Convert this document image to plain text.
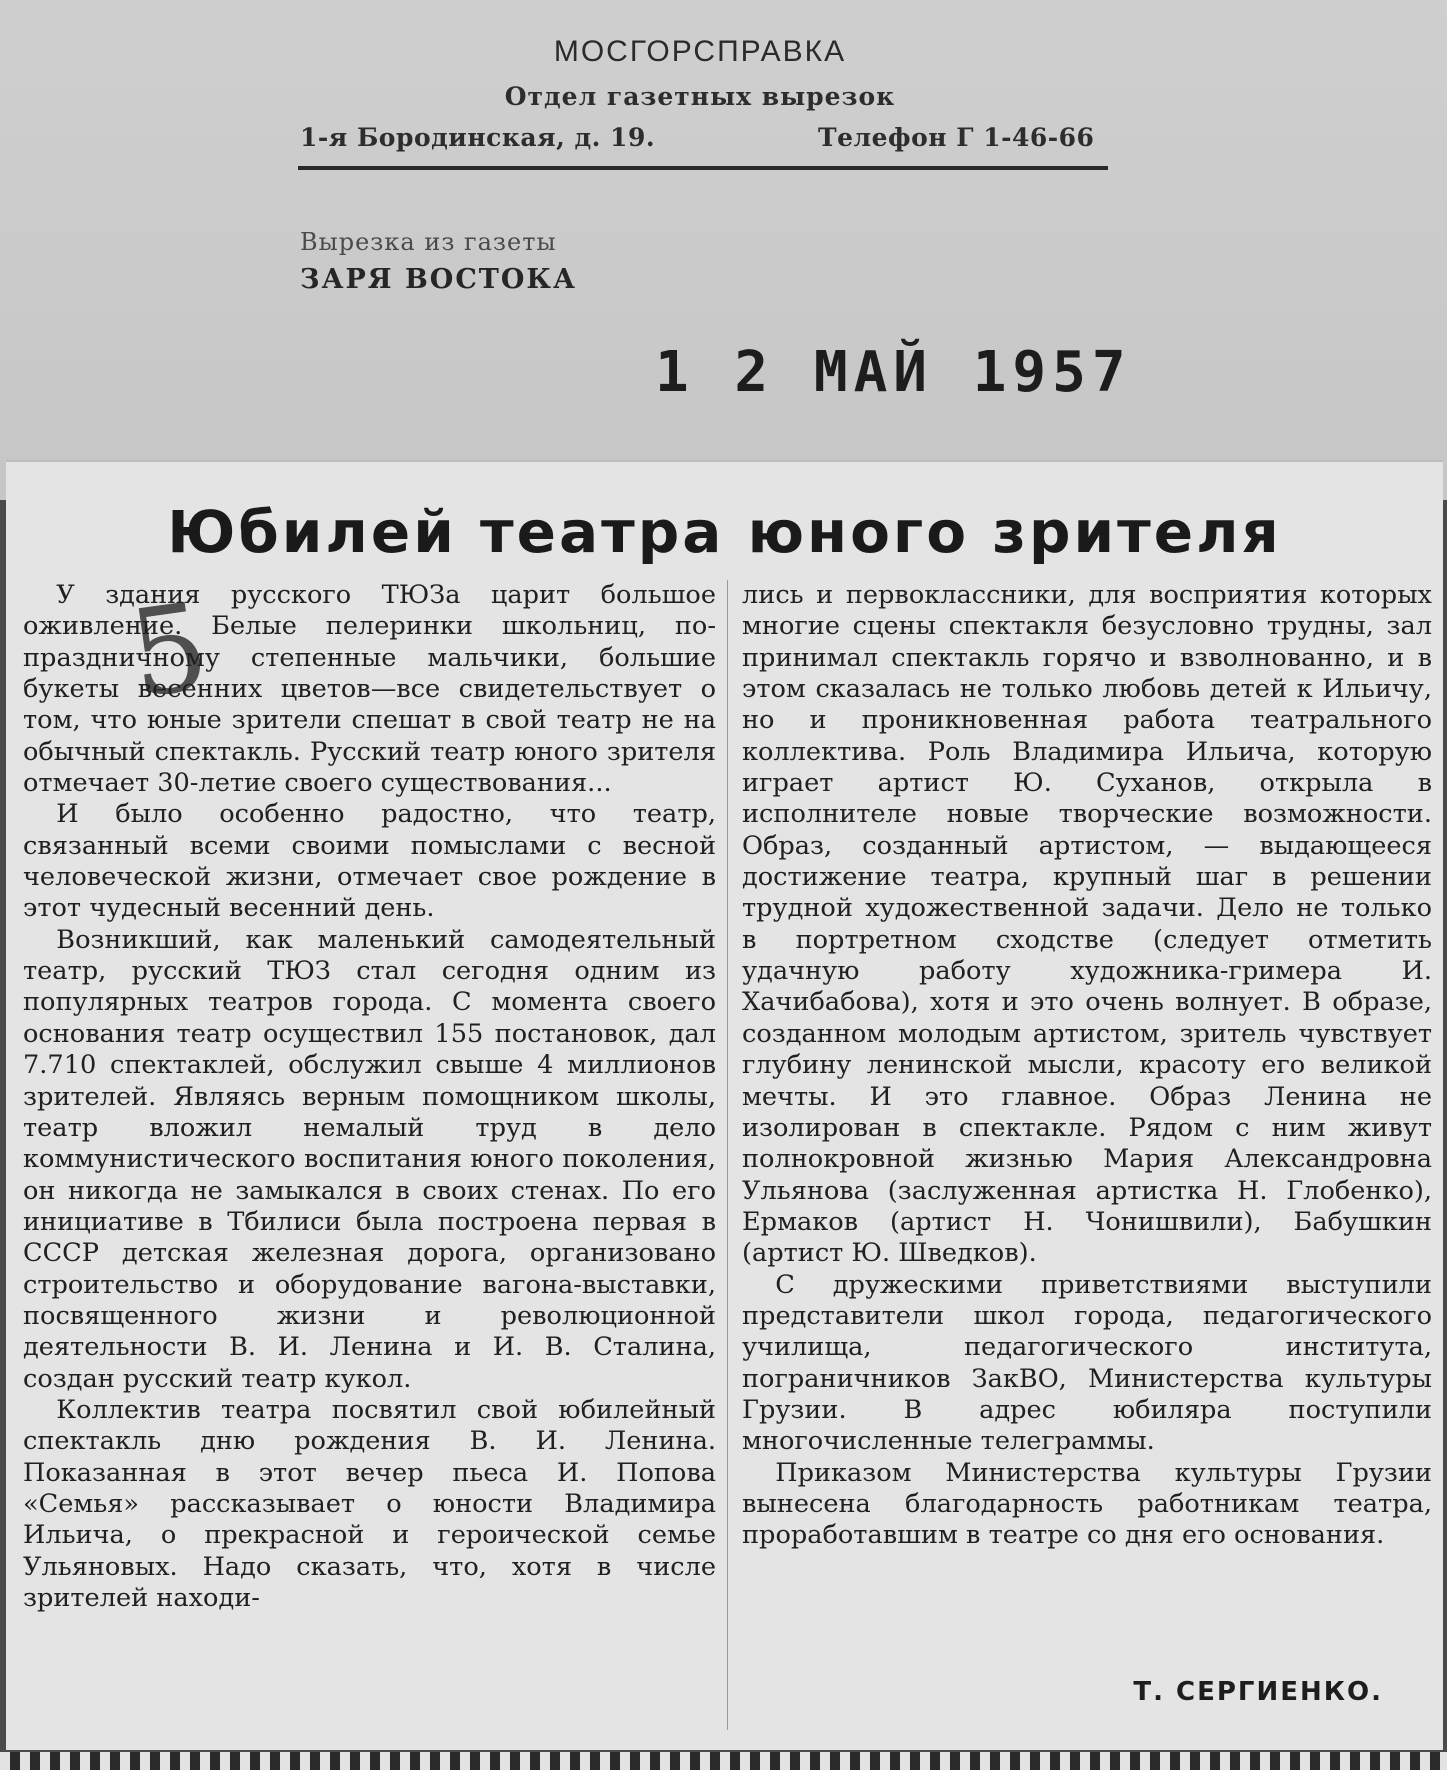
МОСГОРСПРАВКА
Отдел газетных вырезок
1-я Бородинская, д. 19.	Телефон Г 1-46-66
Вырезка из газеты
ЗАРЯ ВОСТОКА
1 2 МАЙ 1957
Юбилей театра юного зрителя

У здания русского ТЮЗа царит большое оживление. Белые пелеринки школьниц, по-праздничному степенные мальчики, большие букеты весенних цветов—все свидетельствует о том, что юные зрители спешат в свой театр не на обычный спектакль. Русский театр юного зрителя отмечает 30-летие своего существования...

И было особенно радостно, что театр, связанный всеми своими помыслами с весной человеческой жизни, отмечает свое рождение в этот чудесный весенний день.

Возникший, как маленький самодеятельный театр, русский ТЮЗ стал сегодня одним из популярных театров города. С момента своего основания театр осуществил 155 постановок, дал 7.710 спектаклей, обслужил свыше 4 миллионов зрителей. Являясь верным помощником школы, театр вложил немалый труд в дело коммунистического воспитания юного поколения, он никогда не замыкался в своих стенах. По его инициативе в Тбилиси была построена первая в СССР детская железная дорога, организовано строительство и оборудование вагона-выставки, посвященного жизни и революционной деятельности В. И. Ленина и И. В. Сталина, создан русский театр кукол.

Коллектив театра посвятил свой юбилейный спектакль дню рождения В. И. Ленина. Показанная в этот вечер пьеса И. Попова «Семья» рассказывает о юности Владимира Ильича, о прекрасной и героической семье Ульяновых. Надо сказать, что, хотя в числе зрителей находи-

лись и первоклассники, для восприятия которых многие сцены спектакля безусловно трудны, зал принимал спектакль горячо и взволнованно, и в этом сказалась не только любовь детей к Ильичу, но и проникновенная работа театрального коллектива. Роль Владимира Ильича, которую играет артист Ю. Суханов, открыла в исполнителе новые творческие возможности. Образ, созданный артистом, — выдающееся достижение театра, крупный шаг в решении трудной художественной задачи. Дело не только в портретном сходстве (следует отметить удачную работу художника-гримера И. Хачибабова), хотя и это очень волнует. В образе, созданном молодым артистом, зритель чувствует глубину ленинской мысли, красоту его великой мечты. И это главное. Образ Ленина не изолирован в спектакле. Рядом с ним живут полнокровной жизнью Мария Александровна Ульянова (заслуженная артистка Н. Глобенко), Ермаков (артист Н. Чонишвили), Бабушкин (артист Ю. Шведков).

С дружескими приветствиями выступили представители школ города, педагогического училища, педагогического института, пограничников ЗакВО, Министерства культуры Грузии. В адрес юбиляра поступили многочисленные телеграммы.

Приказом Министерства культуры Грузии вынесена благодарность работникам театра, проработавшим в театре со дня его основания.

Т. СЕРГИЕНКО.
5
